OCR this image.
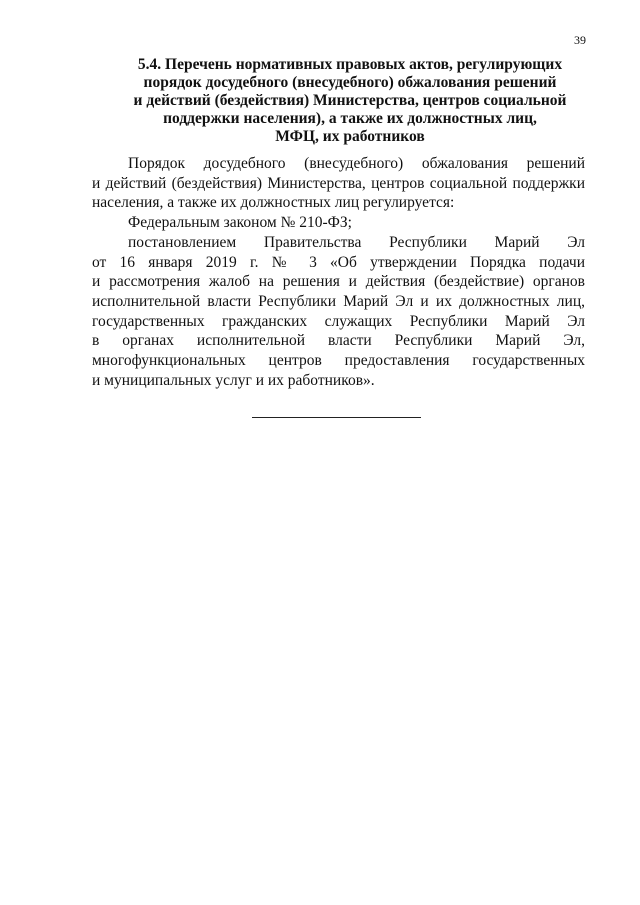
39
5.4. Перечень нормативных правовых актов, регулирующих
порядок досудебного (внесудебного) обжалования решений
и действий (бездействия) Министерства, центров социальной
поддержки населения), а также их должностных лиц,
МФЦ, их работников
Порядок досудебного (внесудебного) обжалования решений
и действий (бездействия) Министерства, центров социальной поддержки
населения, а также их должностных лиц регулируется:
Федеральным законом № 210-ФЗ;
постановлением Правительства Республики Марий Эл
от 16 января 2019 г. № 3 «Об утверждении Порядка подачи
и рассмотрения жалоб на решения и действия (бездействие) органов
исполнительной власти Республики Марий Эл и их должностных лиц,
государственных гражданских служащих Республики Марий Эл
в органах исполнительной власти Республики Марий Эл,
многофункциональных центров предоставления государственных
и муниципальных услуг и их работников».
